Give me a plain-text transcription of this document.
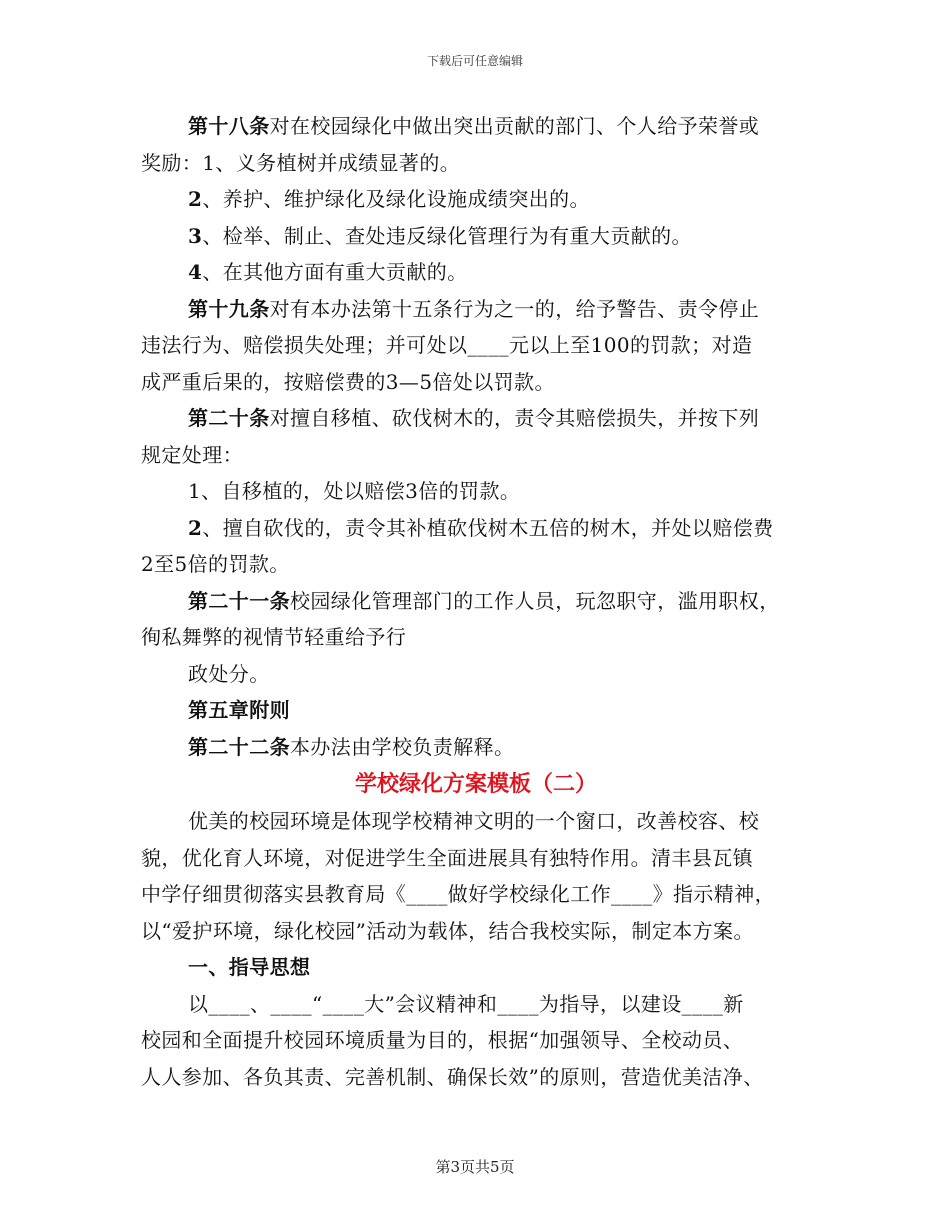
下载后可任意编辑
第十八条对在校园绿化中做出突出贡献的部门、个人给予荣誉或
奖励：1、义务植树并成绩显著的。
2、养护、维护绿化及绿化设施成绩突出的。
3、检举、制止、查处违反绿化管理行为有重大贡献的。
4、在其他方面有重大贡献的。
第十九条对有本办法第十五条行为之一的，给予警告、责令停止
违法行为、赔偿损失处理；并可处以____元以上至100的罚款；对造
成严重后果的，按赔偿费的3—5倍处以罚款。
第二十条对擅自移植、砍伐树木的，责令其赔偿损失，并按下列
规定处理：
1、自移植的，处以赔偿3倍的罚款。
2、擅自砍伐的，责令其补植砍伐树木五倍的树木，并处以赔偿费
2至5倍的罚款。
第二十一条校园绿化管理部门的工作人员，玩忽职守，滥用职权，
徇私舞弊的视情节轻重给予行
政处分。
第五章附则
第二十二条本办法由学校负责解释。
学校绿化方案模板（二）
优美的校园环境是体现学校精神文明的一个窗口，改善校容、校
貌，优化育人环境，对促进学生全面进展具有独特作用。清丰县瓦镇
中学仔细贯彻落实县教育局《____做好学校绿化工作____》指示精神，
以“爱护环境，绿化校园”活动为载体，结合我校实际，制定本方案。
一、指导思想
以____、____“____大”会议精神和____为指导，以建设____新
校园和全面提升校园环境质量为目的，根据“加强领导、全校动员、
人人参加、各负其责、完善机制、确保长效”的原则，营造优美洁净、
第3页共5页
